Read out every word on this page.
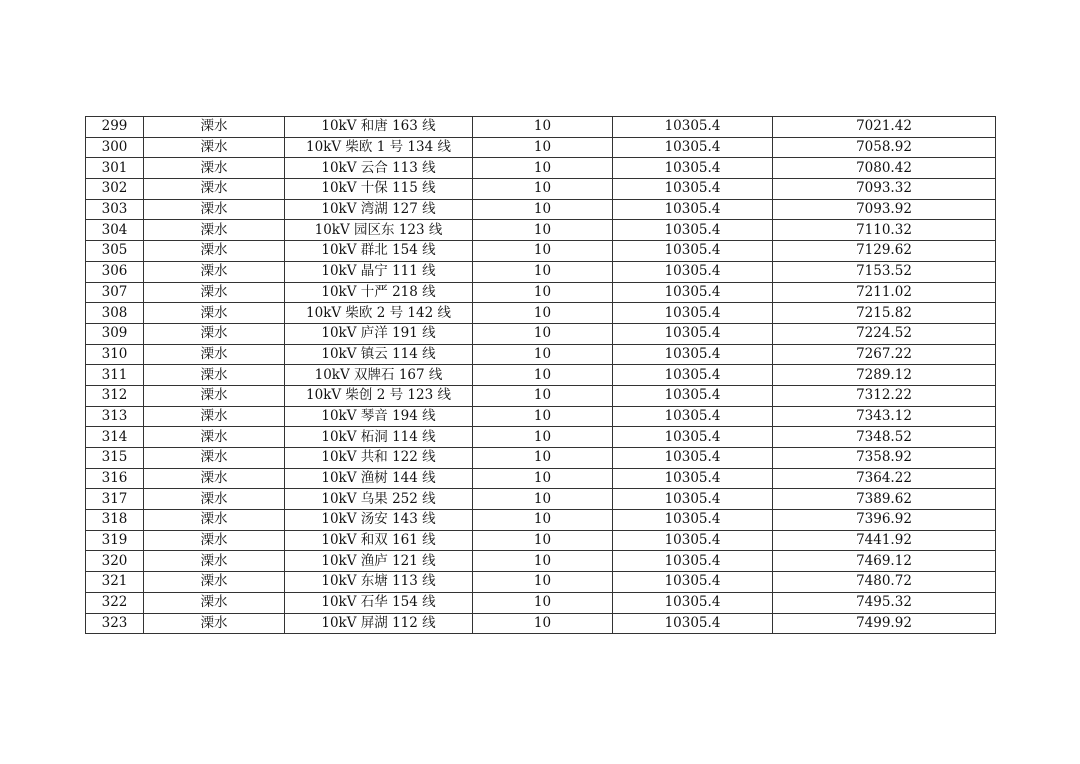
299	溧水	10kV 和唐 163 线	10	10305.4	7021.42
300	溧水	10kV 柴欧 1 号 134 线	10	10305.4	7058.92
301	溧水	10kV 云合 113 线	10	10305.4	7080.42
302	溧水	10kV 十保 115 线	10	10305.4	7093.32
303	溧水	10kV 湾湖 127 线	10	10305.4	7093.92
304	溧水	10kV 园区东 123 线	10	10305.4	7110.32
305	溧水	10kV 群北 154 线	10	10305.4	7129.62
306	溧水	10kV 晶宁 111 线	10	10305.4	7153.52
307	溧水	10kV 十严 218 线	10	10305.4	7211.02
308	溧水	10kV 柴欧 2 号 142 线	10	10305.4	7215.82
309	溧水	10kV 庐洋 191 线	10	10305.4	7224.52
310	溧水	10kV 镇云 114 线	10	10305.4	7267.22
311	溧水	10kV 双牌石 167 线	10	10305.4	7289.12
312	溧水	10kV 柴创 2 号 123 线	10	10305.4	7312.22
313	溧水	10kV 琴音 194 线	10	10305.4	7343.12
314	溧水	10kV 柘洞 114 线	10	10305.4	7348.52
315	溧水	10kV 共和 122 线	10	10305.4	7358.92
316	溧水	10kV 渔树 144 线	10	10305.4	7364.22
317	溧水	10kV 乌果 252 线	10	10305.4	7389.62
318	溧水	10kV 汤安 143 线	10	10305.4	7396.92
319	溧水	10kV 和双 161 线	10	10305.4	7441.92
320	溧水	10kV 渔庐 121 线	10	10305.4	7469.12
321	溧水	10kV 东塘 113 线	10	10305.4	7480.72
322	溧水	10kV 石华 154 线	10	10305.4	7495.32
323	溧水	10kV 屏湖 112 线	10	10305.4	7499.92
